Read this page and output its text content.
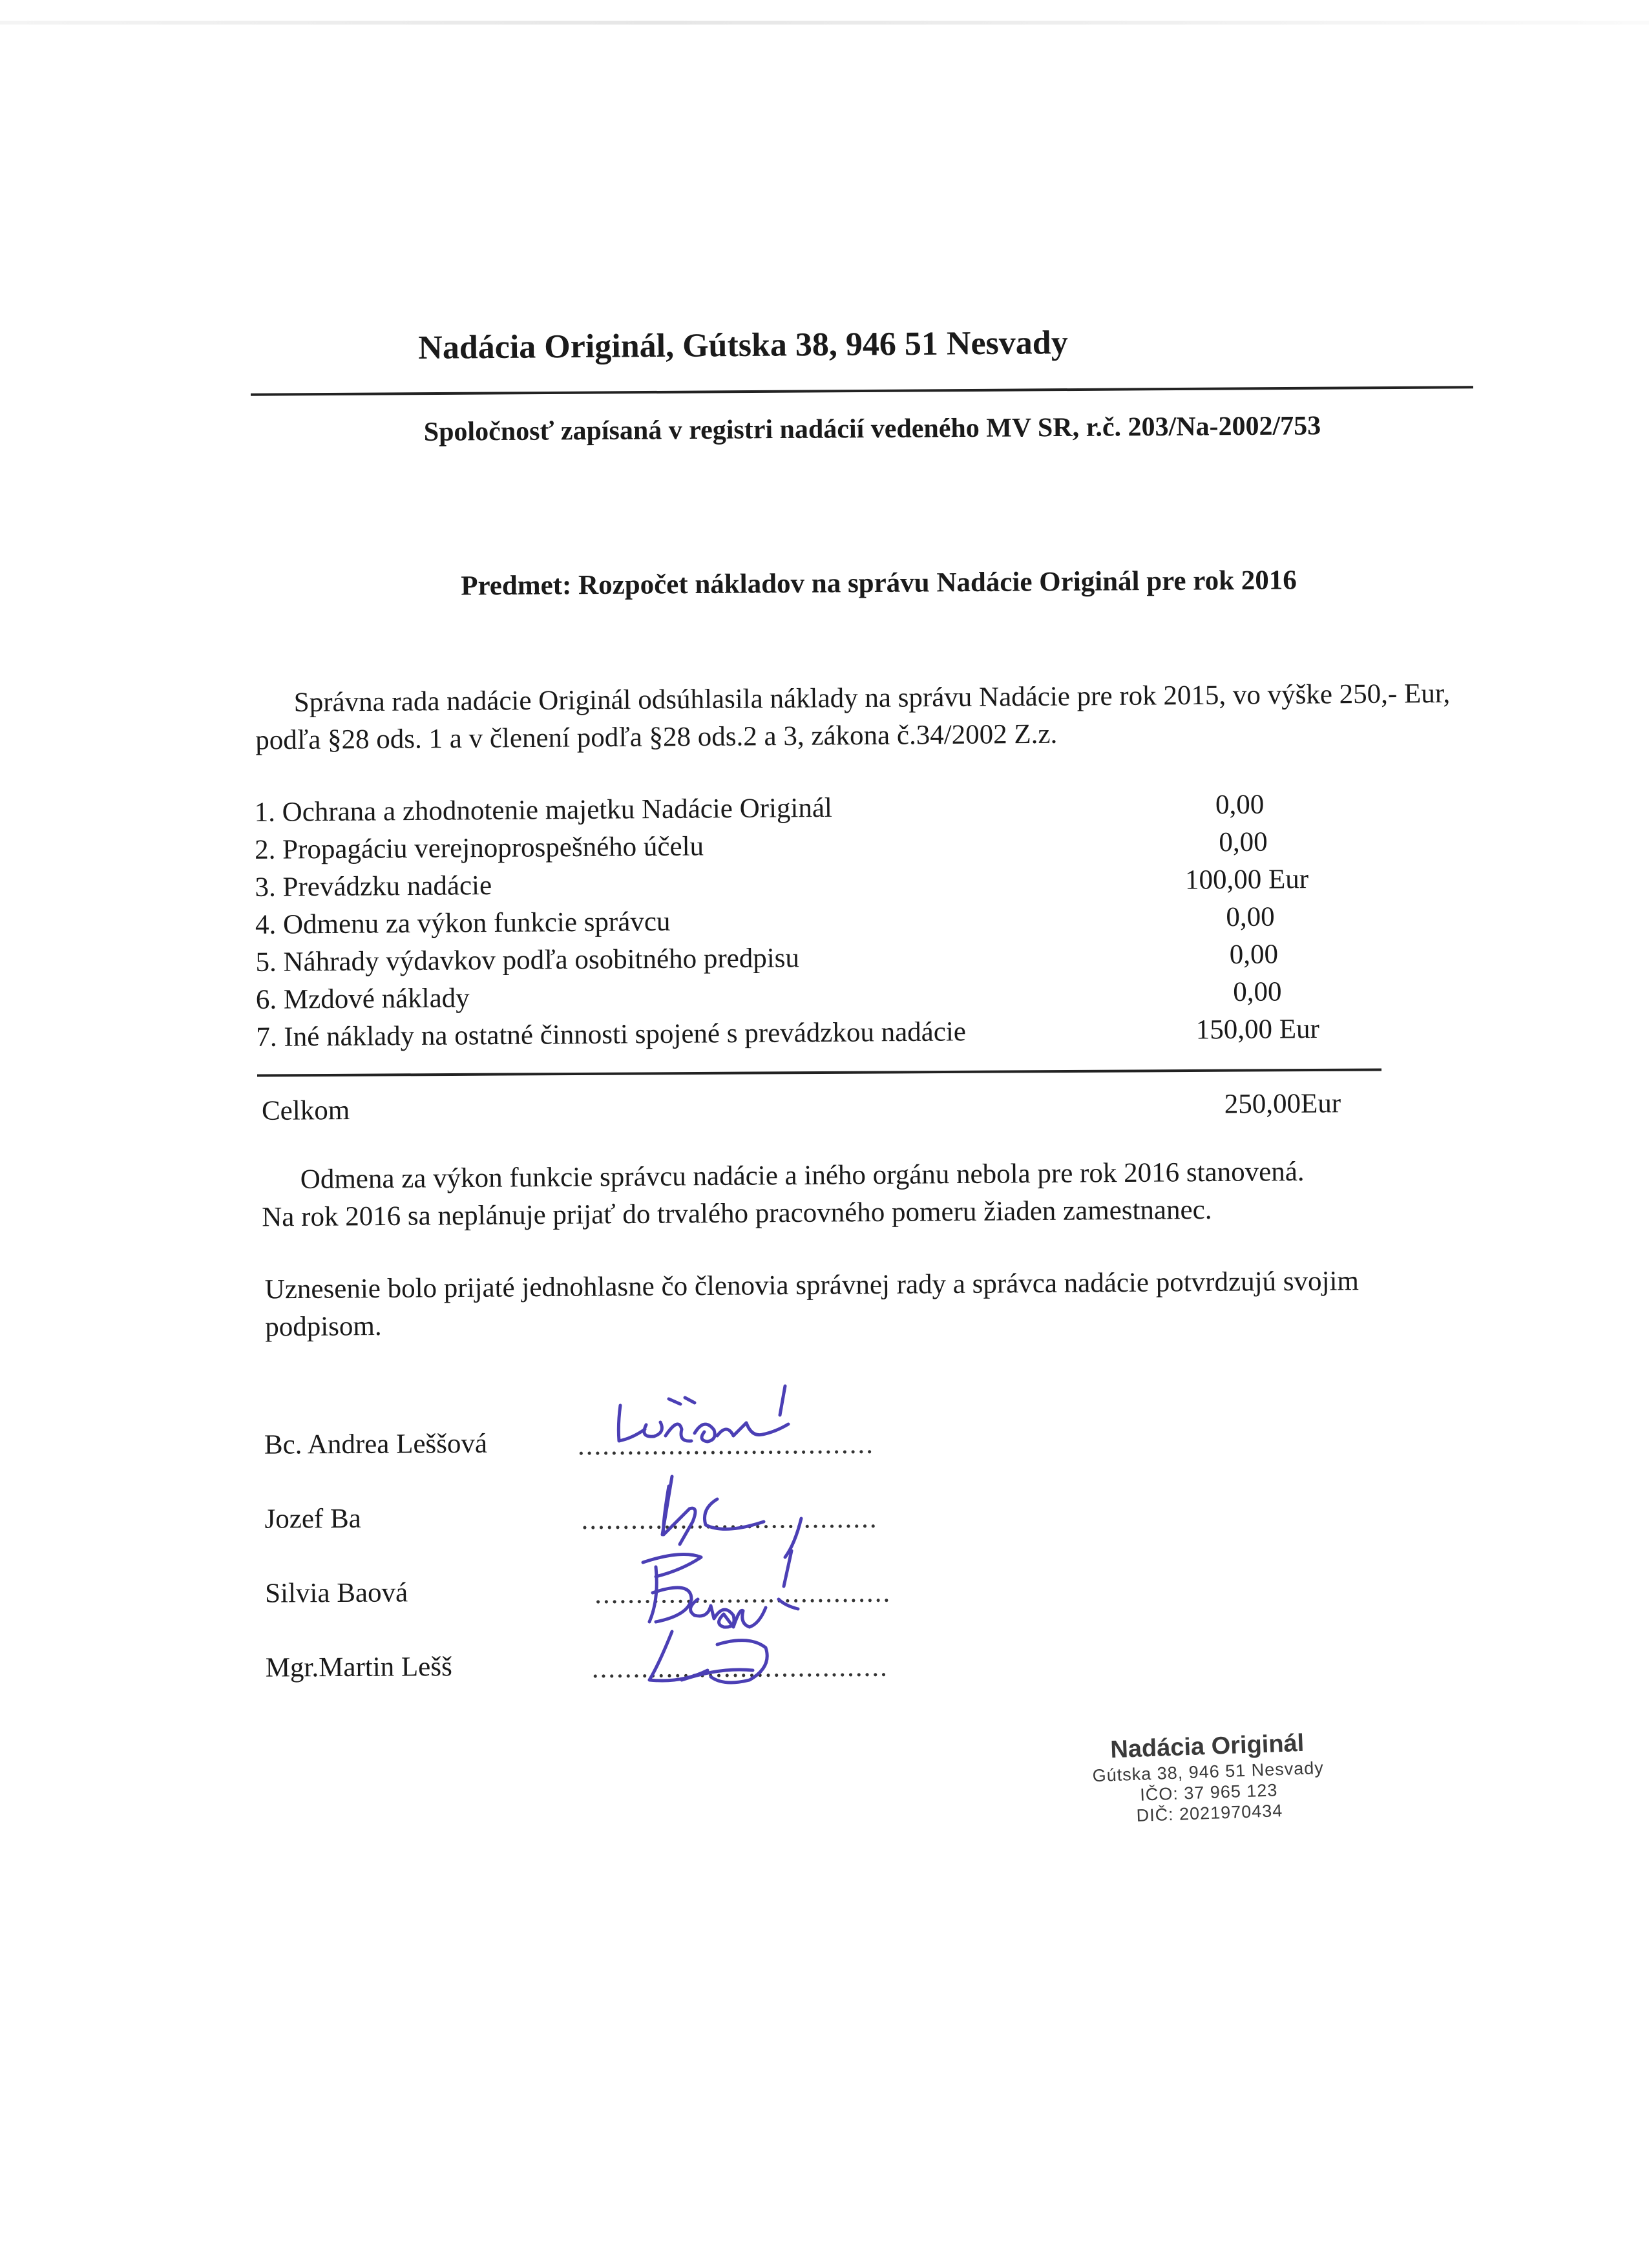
Nadácia Originál, Gútska 38, 946 51 Nesvady
Spoločnosť zapísaná v registri nadácií vedeného MV SR, r.č. 203/Na-2002/753
Predmet: Rozpočet nákladov na správu Nadácie Originál pre rok 2016
Správna rada nadácie Originál odsúhlasila náklady na správu Nadácie pre rok 2015, vo výške 250,- Eur, podľa §28 ods. 1 a v členení podľa §28 ods.2 a 3, zákona č.34/2002 Z.z.
1. Ochrana a zhodnotenie majetku Nadácie Originál	0,00
2. Propagáciu verejnoprospešného účelu	0,00
3. Prevádzku nadácie	100,00 Eur
4. Odmenu za výkon funkcie správcu	0,00
5. Náhrady výdavkov podľa osobitného predpisu	0,00
6. Mzdové náklady	0,00
7. Iné náklady na ostatné činnosti spojené s prevádzkou nadácie	150,00 Eur
Celkom	250,00Eur
Odmena za výkon funkcie správcu nadácie a iného orgánu nebola pre rok 2016 stanovená.
Na rok 2016 sa neplánuje prijať do trvalého pracovného pomeru žiaden zamestnanec.
Uznesenie bolo prijaté jednohlasne čo členovia správnej rady a správca nadácie potvrdzujú svojim podpisom.
Bc. Andrea Leššová	....................................
Jozef Ba	....................................
Silvia Baová	....................................
Mgr.Martin Lešš	....................................
Nadácia Originál
Gútska 38, 946 51 Nesvady
IČO: 37 965 123
DIČ: 2021970434
